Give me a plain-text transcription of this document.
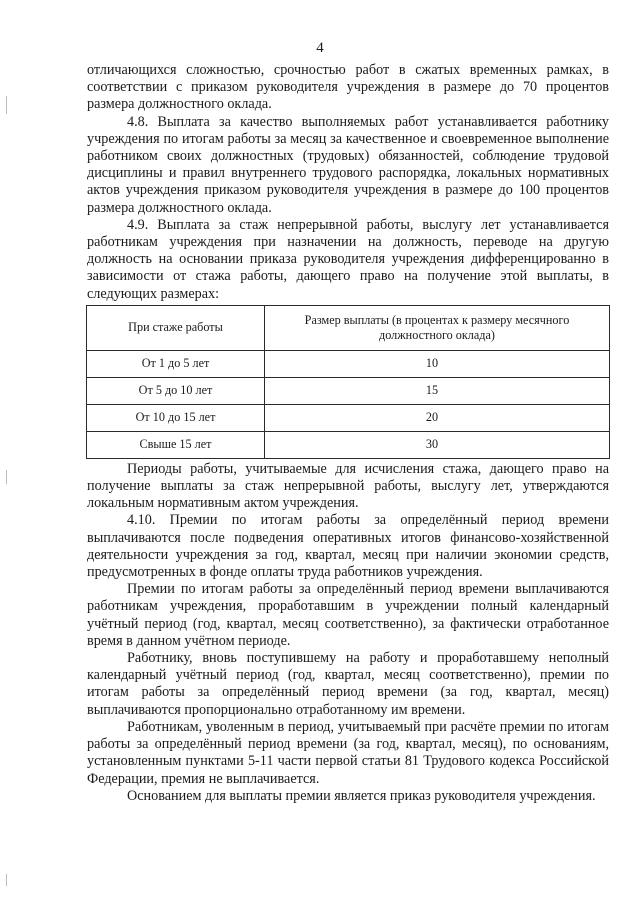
4

отличающихся сложностью, срочностью работ в сжатых временных рамках, в соответствии с приказом руководителя учреждения в размере до 70 процентов размера должностного оклада.

4.8. Выплата за качество выполняемых работ устанавливается работнику учреждения по итогам работы за месяц за качественное и своевременное выполнение работником своих должностных (трудовых) обязанностей, соблюдение трудовой дисциплины и правил внутреннего трудового распорядка, локальных нормативных актов учреждения приказом руководителя учреждения в размере до 100 процентов размера должностного оклада.

4.9. Выплата за стаж непрерывной работы, выслугу лет устанавливается работникам учреждения при назначении на должность, переводе на другую должность на основании приказа руководителя учреждения дифференцированно в зависимости от стажа работы, дающего право на получение этой выплаты, в следующих размерах:

При стаже работы	Размер выплаты (в процентах к размеру месячного должностного оклада)
От 1 до 5 лет	10
От 5 до 10 лет	15
От 10 до 15 лет	20
Свыше 15 лет	30

Периоды работы, учитываемые для исчисления стажа, дающего право на получение выплаты за стаж непрерывной работы, выслугу лет, утверждаются локальным нормативным актом учреждения.

4.10. Премии по итогам работы за определённый период времени выплачиваются после подведения оперативных итогов финансово-хозяйственной деятельности учреждения за год, квартал, месяц при наличии экономии средств, предусмотренных в фонде оплаты труда работников учреждения.

Премии по итогам работы за определённый период времени выплачиваются работникам учреждения, проработавшим в учреждении полный календарный учётный период (год, квартал, месяц соответственно), за фактически отработанное время в данном учётном периоде.

Работнику, вновь поступившему на работу и проработавшему неполный календарный учётный период (год, квартал, месяц соответственно), премии по итогам работы за определённый период времени (за год, квартал, месяц) выплачиваются пропорционально отработанному им времени.

Работникам, уволенным в период, учитываемый при расчёте премии по итогам работы за определённый период времени (за год, квартал, месяц), по основаниям, установленным пунктами 5-11 части первой статьи 81 Трудового кодекса Российской Федерации, премия не выплачивается.

Основанием для выплаты премии является приказ руководителя учреждения.
